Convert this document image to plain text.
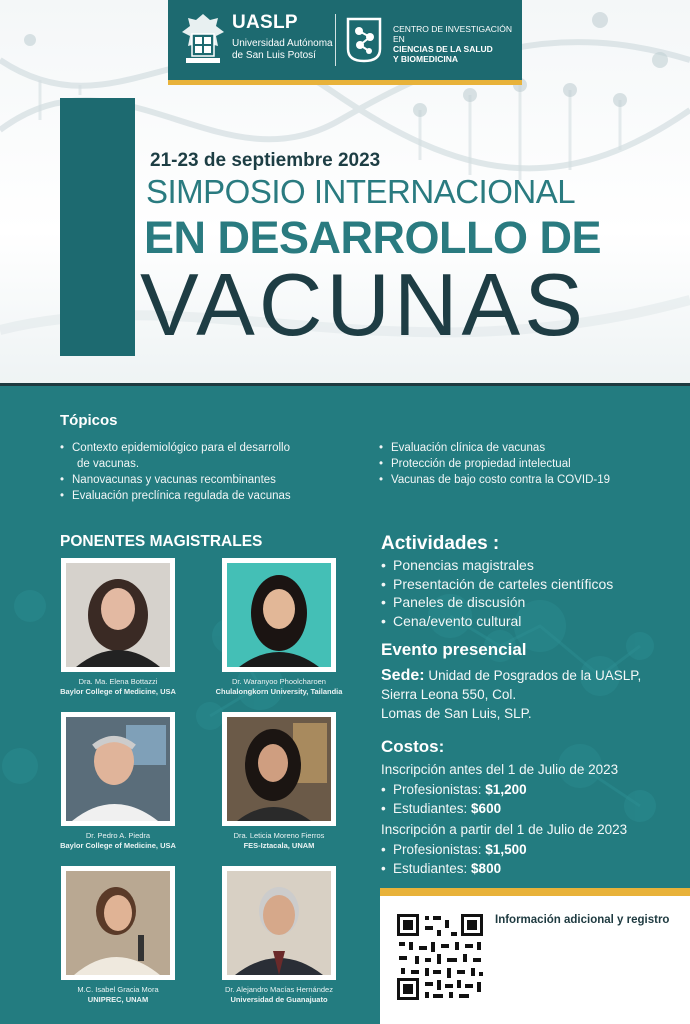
UASLP
Universidad Autónoma de San Luis Potosí
CENTRO DE INVESTIGACIÓN EN
CIENCIAS DE LA SALUD
Y BIOMEDICINA
21-23 de septiembre 2023
SIMPOSIO INTERNACIONAL
EN DESARROLLO DE
VACUNAS
Tópicos
• Contexto epidemiológico para el desarrollo
de vacunas.
• Nanovacunas y vacunas recombinantes
• Evaluación preclínica regulada de vacunas
• Evaluación clínica de vacunas
• Protección de propiedad intelectual
• Vacunas de bajo costo contra la COVID-19
PONENTES MAGISTRALES
Dra. Ma. Elena Bottazzi
Baylor College of Medicine, USA
Dr. Waranyoo Phoolcharoen
Chulalongkorn University, Tailandia
Dr. Pedro A. Piedra
Baylor College of Medicine, USA
Dra. Leticia Moreno Fierros
FES-Iztacala, UNAM
M.C. Isabel Gracia Mora
UNIPREC, UNAM
Dr. Alejandro Macías Hernández
Universidad de Guanajuato
Actividades :
• Ponencias magistrales
• Presentación de carteles científicos
• Paneles de discusión
• Cena/evento cultural
Evento presencial
Sede: Unidad de Posgrados de la UASLP,
Sierra Leona 550, Col.
Lomas de San Luis, SLP.
Costos:
Inscripción antes del 1 de Julio de 2023
• Profesionistas: $1,200
• Estudiantes: $600
Inscripción a partir del 1 de Julio de 2023
• Profesionistas: $1,500
• Estudiantes: $800
Información adicional y registro
